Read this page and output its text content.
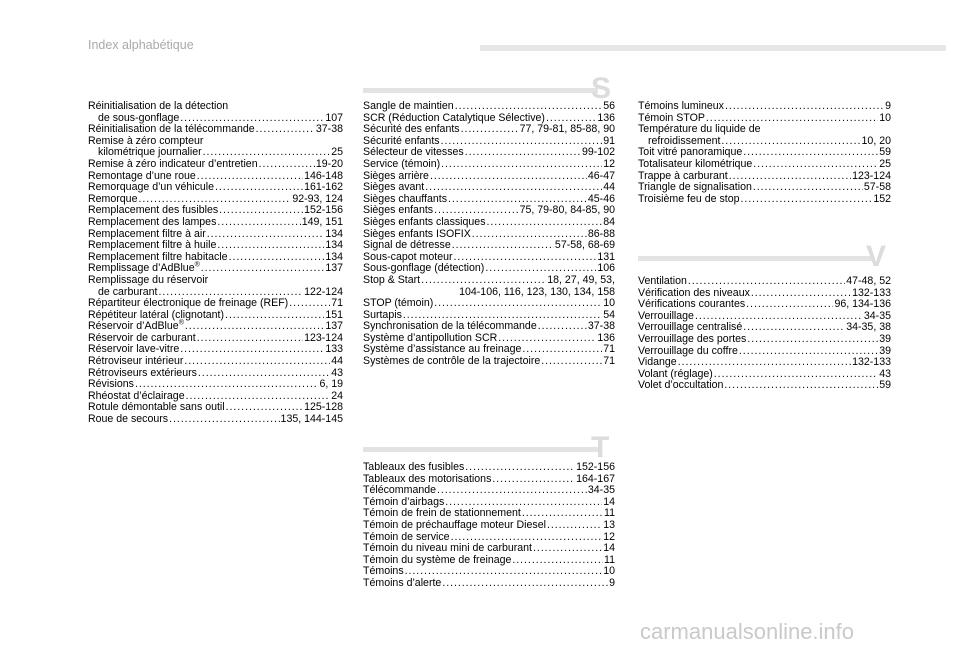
Index alphabétique
Réinitialisation de la détection
de sous-gonflage . . .	107
Réinitialisation de la télécommande . . .	37-38
Remise à zéro compteur
kilométrique journalier . . .	25
Remise à zéro indicateur d’entretien . . .	19-20
Remontage d’une roue . . .	146-148
Remorquage d’un véhicule . . .	161-162
Remorque . . .	92-93, 124
Remplacement des fusibles . . .	152-156
Remplacement des lampes . . .	149, 151
Remplacement filtre à air . . .	134
Remplacement filtre à huile . . .	134
Remplacement filtre habitacle . . .	134
Remplissage d’AdBlue® . . .	137
Remplissage du réservoir
de carburant . . .	122-124
Répartiteur électronique de freinage (REF) . . .	71
Répétiteur latéral (clignotant) . . .	151
Réservoir d’AdBlue® . . .	137
Réservoir de carburant . . .	123-124
Réservoir lave-vitre . . .	133
Rétroviseur intérieur . . .	44
Rétroviseurs extérieurs . . .	43
Révisions . . .	6, 19
Rhéostat d’éclairage . . .	24
Rotule démontable sans outil . . .	125-128
Roue de secours . . .	135, 144-145
S
Sangle de maintien . . .	56
SCR (Réduction Catalytique Sélective) . . .	136
Sécurité des enfants . . .	77, 79-81, 85-88, 90
Sécurité enfants . . .	91
Sélecteur de vitesses . . .	99-102
Service (témoin) . . .	12
Sièges arrière . . .	46-47
Sièges avant . . .	44
Sièges chauffants . . .	45-46
Sièges enfants . . .	75, 79-80, 84-85, 90
Sièges enfants classiques . . .	84
Sièges enfants ISOFIX . . .	86-88
Signal de détresse . . .	57-58, 68-69
Sous-capot moteur . . .	131
Sous-gonflage (détection) . . .	106
Stop & Start . . .	18, 27, 49, 53,
104-106, 116, 123, 130, 134, 158
STOP (témoin) . . .	10
Surtapis . . .	54
Synchronisation de la télécommande . . .	37-38
Système d’antipollution SCR . . .	136
Système d’assistance au freinage . . .	71
Systèmes de contrôle de la trajectoire . . .	71
T
Tableaux des fusibles . . .	152-156
Tableaux des motorisations . . .	164-167
Télécommande . . .	34-35
Témoin d’airbags . . .	14
Témoin de frein de stationnement . . .	11
Témoin de préchauffage moteur Diesel . . .	13
Témoin de service . . .	12
Témoin du niveau mini de carburant . . .	14
Témoin du système de freinage . . .	11
Témoins . . .	10
Témoins d’alerte . . .	9
Témoins lumineux . . .	9
Témoin STOP . . .	10
Température du liquide de
refroidissement . . .	10, 20
Toit vitré panoramique . . .	59
Totalisateur kilométrique . . .	25
Trappe à carburant . . .	123-124
Triangle de signalisation . . .	57-58
Troisième feu de stop . . .	152
V
Ventilation . . .	47-48, 52
Vérification des niveaux . . .	132-133
Vérifications courantes . . .	96, 134-136
Verrouillage . . .	34-35
Verrouillage centralisé . . .	34-35, 38
Verrouillage des portes . . .	39
Verrouillage du coffre . . .	39
Vidange . . .	132-133
Volant (réglage) . . .	43
Volet d’occultation . . .	59
carmanualsonline.info
